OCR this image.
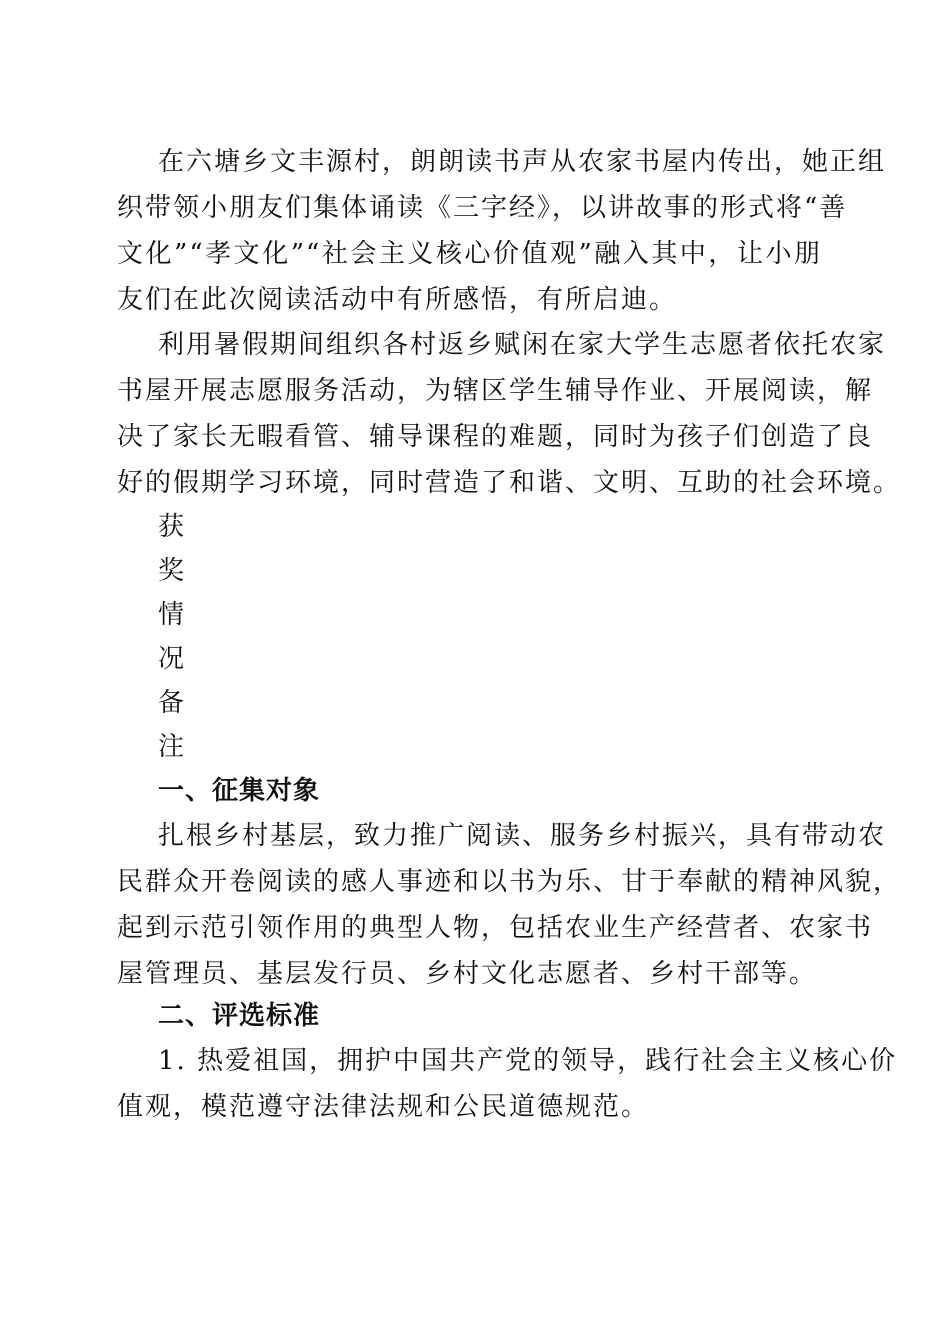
在六塘乡文丰源村，朗朗读书声从农家书屋内传出，她正组
织带领小朋友们集体诵读《三字经》，以讲故事的形式将“善
文化”“孝文化”“社会主义核心价值观”融入其中，让小朋
友们在此次阅读活动中有所感悟，有所启迪。
利用暑假期间组织各村返乡赋闲在家大学生志愿者依托农家
书屋开展志愿服务活动，为辖区学生辅导作业、开展阅读，解
决了家长无暇看管、辅导课程的难题，同时为孩子们创造了良
好的假期学习环境，同时营造了和谐、文明、互助的社会环境。
获
奖
情
况
备
注
一、征集对象
扎根乡村基层，致力推广阅读、服务乡村振兴，具有带动农
民群众开卷阅读的感人事迹和以书为乐、甘于奉献的精神风貌，
起到示范引领作用的典型人物，包括农业生产经营者、农家书
屋管理员、基层发行员、乡村文化志愿者、乡村干部等。
二、评选标准
1. 热爱祖国，拥护中国共产党的领导，践行社会主义核心价
值观，模范遵守法律法规和公民道德规范。
